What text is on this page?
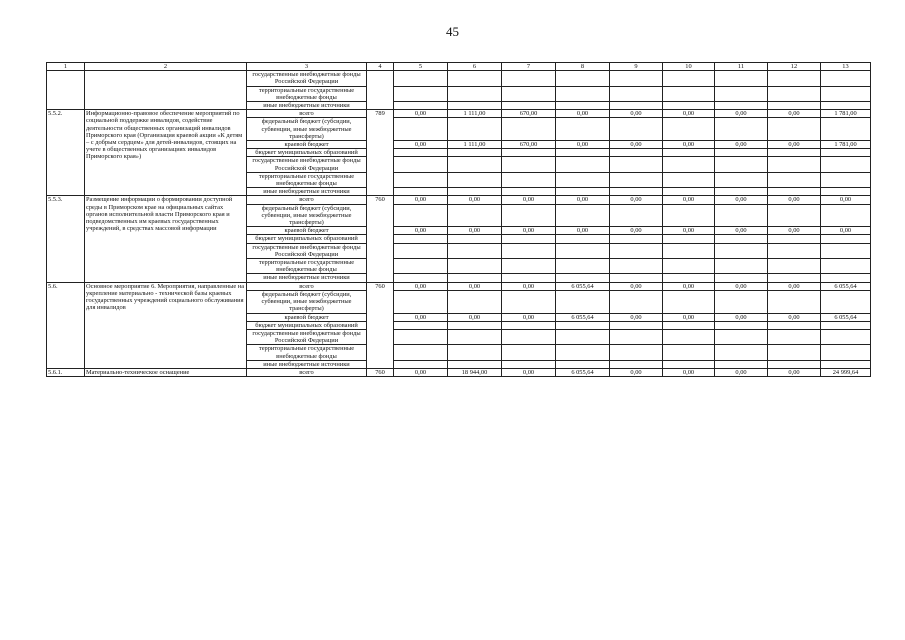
45
1	2	3	4	5	6	7	8	9	10	11	12	13
		государственные внебюджетные фонды Российской Федерации										
		территориальные государственные внебюджетные фонды										
		иные внебюджетные источники										
5.5.2.	Информационно-правовое обеспечение мероприятий по социальной поддержке инвалидов, содействие деятельности общественных организаций инвалидов Приморского края (Организация краевой акции «К детям – с добрым сердцем» для детей-инвалидов, стоящих на учете в общественных организациях инвалидов Приморского края»)	всего	789	0,00	1 111,00	670,00	0,00	0,00	0,00	0,00	0,00	1 781,00
		федеральный бюджет (субсидии, субвенции, иные межбюджетные трансферты)										
		краевой бюджет		0,00	1 111,00	670,00	0,00	0,00	0,00	0,00	0,00	1 781,00
		бюджет муниципальных образований										
		государственные внебюджетные фонды Российской Федерации										
		территориальные государственные внебюджетные фонды										
		иные внебюджетные источники										
5.5.3.	Размещение информации о формировании доступной среды в Приморском крае на официальных сайтах органов исполнительной власти Приморского края и подведомственных им краевых государственных учреждений, в средствах массовой информации	всего	760	0,00	0,00	0,00	0,00	0,00	0,00	0,00	0,00	0,00
		федеральный бюджет (субсидии, субвенции, иные межбюджетные трансферты)										
		краевой бюджет		0,00	0,00	0,00	0,00	0,00	0,00	0,00	0,00	0,00
		бюджет муниципальных образований										
		государственные внебюджетные фонды Российской Федерации										
		территориальные государственные внебюджетные фонды										
		иные внебюджетные источники										
5.6.	Основное мероприятие 6. Мероприятия, направленные на укрепление материально - технической базы краевых государственных учреждений социального обслуживания для инвалидов	всего	760	0,00	0,00	0,00	6 055,64	0,00	0,00	0,00	0,00	6 055,64
		федеральный бюджет (субсидии, субвенции, иные межбюджетные трансферты)										
		краевой бюджет		0,00	0,00	0,00	6 055,64	0,00	0,00	0,00	0,00	6 055,64
		бюджет муниципальных образований										
		государственные внебюджетные фонды Российской Федерации										
		территориальные государственные внебюджетные фонды										
		иные внебюджетные источники										
5.6.1.	Материально-техническое оснащение	всего	760	0,00	18 944,00	0,00	6 055,64	0,00	0,00	0,00	0,00	24 999,64
